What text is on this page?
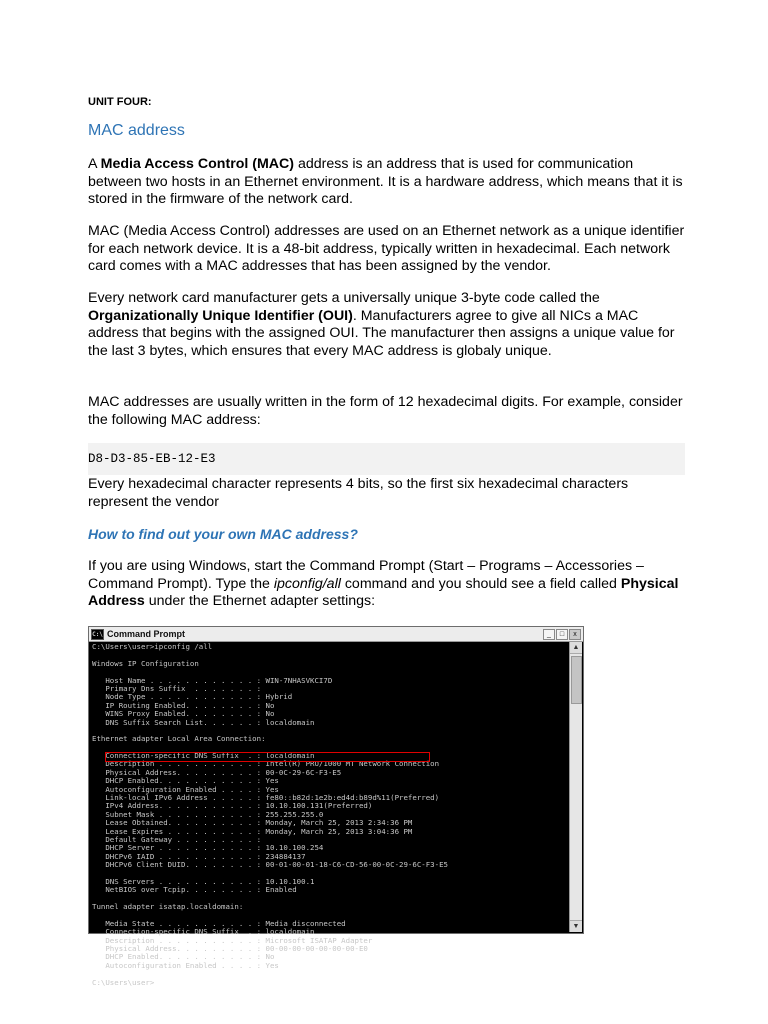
UNIT FOUR:
MAC address
A Media Access Control (MAC) address is an address that is used for communication between two hosts in an Ethernet environment. It is a hardware address, which means that it is stored in the firmware of the network card.
MAC (Media Access Control) addresses are used on an Ethernet network as a unique identifier for each network device. It is a 48-bit address, typically written in hexadecimal. Each network card comes with a MAC addresses that has been assigned by the vendor.
Every network card manufacturer gets a universally unique 3-byte code called the Organizationally Unique Identifier (OUI). Manufacturers agree to give all NICs a MAC address that begins with the assigned OUI. The manufacturer then assigns a unique value for the last 3 bytes, which ensures that every MAC address is globaly unique.
MAC addresses are usually written in the form of 12 hexadecimal digits. For example, consider the following MAC address:
D8-D3-85-EB-12-E3
Every hexadecimal character represents 4 bits, so the first six hexadecimal characters represent the vendor
How to find out your own MAC address?
If you are using Windows, start the Command Prompt (Start – Programs – Accessories – Command Prompt). Type the ipconfig/all command and you should see a field called Physical Address under the Ethernet adapter settings:
C:\ Command Prompt	_	□	x
C:\Users\user>ipconfig /all
Windows IP Configuration
Host Name . . . . . . . . . . . . : WIN-7NHASVKCI7D
Primary Dns Suffix  . . . . . . . :
Node Type . . . . . . . . . . . . : Hybrid
IP Routing Enabled. . . . . . . . : No
WINS Proxy Enabled. . . . . . . . : No
DNS Suffix Search List. . . . . . : localdomain
Ethernet adapter Local Area Connection:
Connection-specific DNS Suffix  . : localdomain
Description . . . . . . . . . . . : Intel(R) PRO/1000 MT Network Connection
Physical Address. . . . . . . . . : 00-0C-29-6C-F3-E5
DHCP Enabled. . . . . . . . . . . : Yes
Autoconfiguration Enabled . . . . : Yes
Link-local IPv6 Address . . . . . : fe80::b82d:1e2b:ed4d:b89d%11(Preferred)
IPv4 Address. . . . . . . . . . . : 10.10.100.131(Preferred)
Subnet Mask . . . . . . . . . . . : 255.255.255.0
Lease Obtained. . . . . . . . . . : Monday, March 25, 2013 2:34:36 PM
Lease Expires . . . . . . . . . . : Monday, March 25, 2013 3:04:36 PM
Default Gateway . . . . . . . . . :
DHCP Server . . . . . . . . . . . : 10.10.100.254
DHCPv6 IAID . . . . . . . . . . . : 234884137
DHCPv6 Client DUID. . . . . . . . : 00-01-00-01-18-C6-CD-56-00-0C-29-6C-F3-E5
DNS Servers . . . . . . . . . . . : 10.10.100.1
NetBIOS over Tcpip. . . . . . . . : Enabled
Tunnel adapter isatap.localdomain:
Media State . . . . . . . . . . . : Media disconnected
Connection-specific DNS Suffix  . : localdomain
Description . . . . . . . . . . . : Microsoft ISATAP Adapter
Physical Address. . . . . . . . . : 00-00-00-00-00-00-00-E0
DHCP Enabled. . . . . . . . . . . : No
Autoconfiguration Enabled . . . . : Yes
C:\Users\user>
▲
▼
